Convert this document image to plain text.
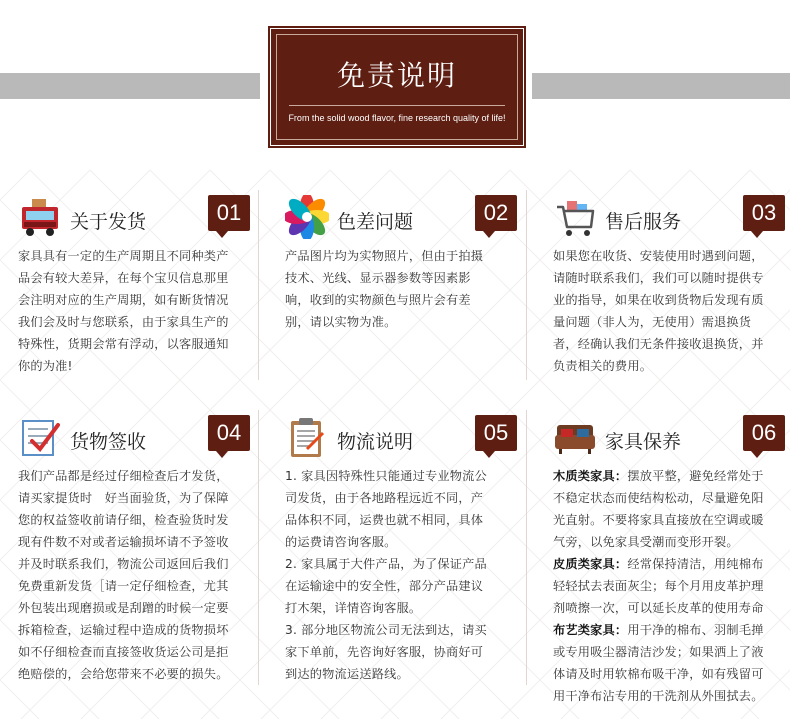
免责说明
From the solid wood flavor, fine research quality of life!
关于发货	01
家具具有一定的生产周期且不同种类产品会有较大差异，在每个宝贝信息那里会注明对应的生产周期，如有断货情况我们会及时与您联系，由于家具生产的特殊性，货期会常有浮动，以客服通知你的为准!
色差问题	02
产品图片均为实物照片，但由于拍摄技术、光线、显示器参数等因素影响，收到的实物颜色与照片会有差别，请以实物为准。
售后服务	03
如果您在收货、安装使用时遇到问题，请随时联系我们，我们可以随时提供专业的指导，如果在收到货物后发现有质量问题（非人为，无使用）需退换货者，经确认我们无条件接收退换货，并负责相关的费用。
货物签收	04
我们产品都是经过仔细检查后才发货，请买家提货时　好当面验货，为了保障您的权益签收前请仔细，检查验货时发现有件数不对或者运输损坏请不予签收并及时联系我们，物流公司返回后我们免费重新发货［请一定仔细检查，尤其外包装出现磨损或是刮蹭的时候一定要拆箱检查，运输过程中造成的货物损坏如不仔细检查而直接签收货运公司是拒绝赔偿的，会给您带来不必要的损失。
物流说明	05

1. 家具因特殊性只能通过专业物流公司发货，由于各地路程远近不同，产品体积不同，运费也就不相同，具体的运费请咨询客服。

2. 家具属于大件产品，为了保证产品在运输途中的安全性，部分产品建议打木架，详情咨询客服。

3. 部分地区物流公司无法到达，请买家下单前，先咨询好客服，协商好可到达的物流运送路线。

家具保养	06

木质类家具：摆放平整，避免经常处于不稳定状态而使结构松动，尽量避免阳光直射。不要将家具直接放在空调或暖气旁，以免家具受潮而变形开裂。

皮质类家具：经常保持清洁，用纯棉布轻轻拭去表面灰尘；每个月用皮革护理剂喷擦一次，可以延长皮革的使用寿命

布艺类家具：用干净的棉布、羽制毛掸或专用吸尘器清洁沙发；如果洒上了液体请及时用软棉布吸干净，如有残留可用干净布沾专用的干洗剂从外围拭去。
